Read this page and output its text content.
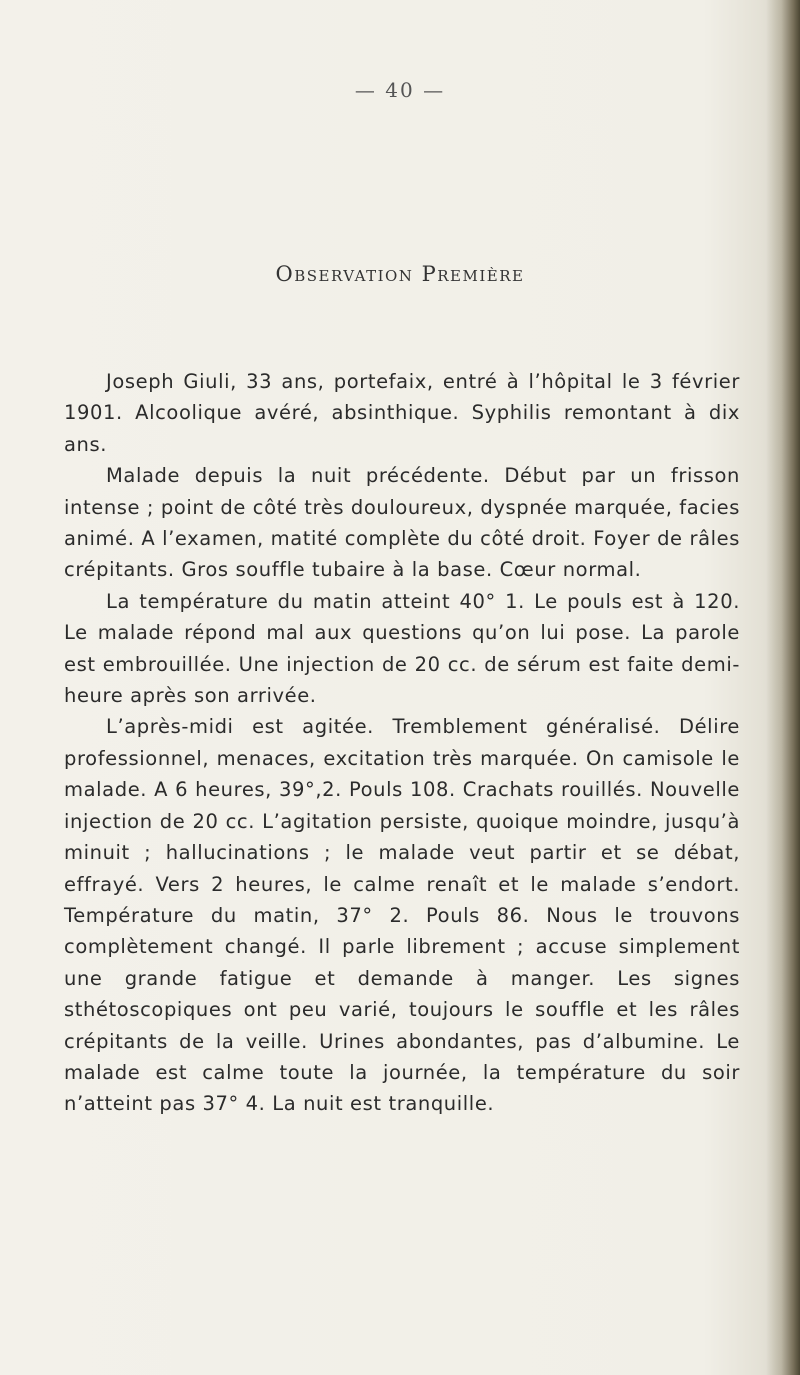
— 40 —
Observation Première

Joseph Giuli, 33 ans, portefaix, entré à l’hôpital le 3 février 1901. Alcoolique avéré, absinthique. Syphilis remontant à dix ans.

Malade depuis la nuit précédente. Début par un frisson intense ; point de côté très douloureux, dyspnée marquée, facies animé. A l’examen, matité complète du côté droit. Foyer de râles crépitants. Gros souffle tubaire à la base. Cœur normal.

La température du matin atteint 40° 1. Le pouls est à 120. Le malade répond mal aux questions qu’on lui pose. La parole est embrouillée. Une injection de 20 cc. de sérum est faite demi-heure après son arrivée.

L’après-midi est agitée. Tremblement généralisé. Délire professionnel, menaces, excitation très marquée. On camisole le malade. A 6 heures, 39°,2. Pouls 108. Crachats rouillés. Nouvelle injection de 20 cc. L’agitation persiste, quoique moindre, jusqu’à minuit ; hallucinations ; le malade veut partir et se débat, effrayé. Vers 2 heures, le calme renaît et le malade s’endort. Température du matin, 37° 2. Pouls 86. Nous le trouvons complètement changé. Il parle librement ; accuse simplement une grande fatigue et demande à manger. Les signes sthétoscopiques ont peu varié, toujours le souffle et les râles crépitants de la veille. Urines abondantes, pas d’albumine. Le malade est calme toute la journée, la température du soir n’atteint pas 37° 4. La nuit est tranquille.
